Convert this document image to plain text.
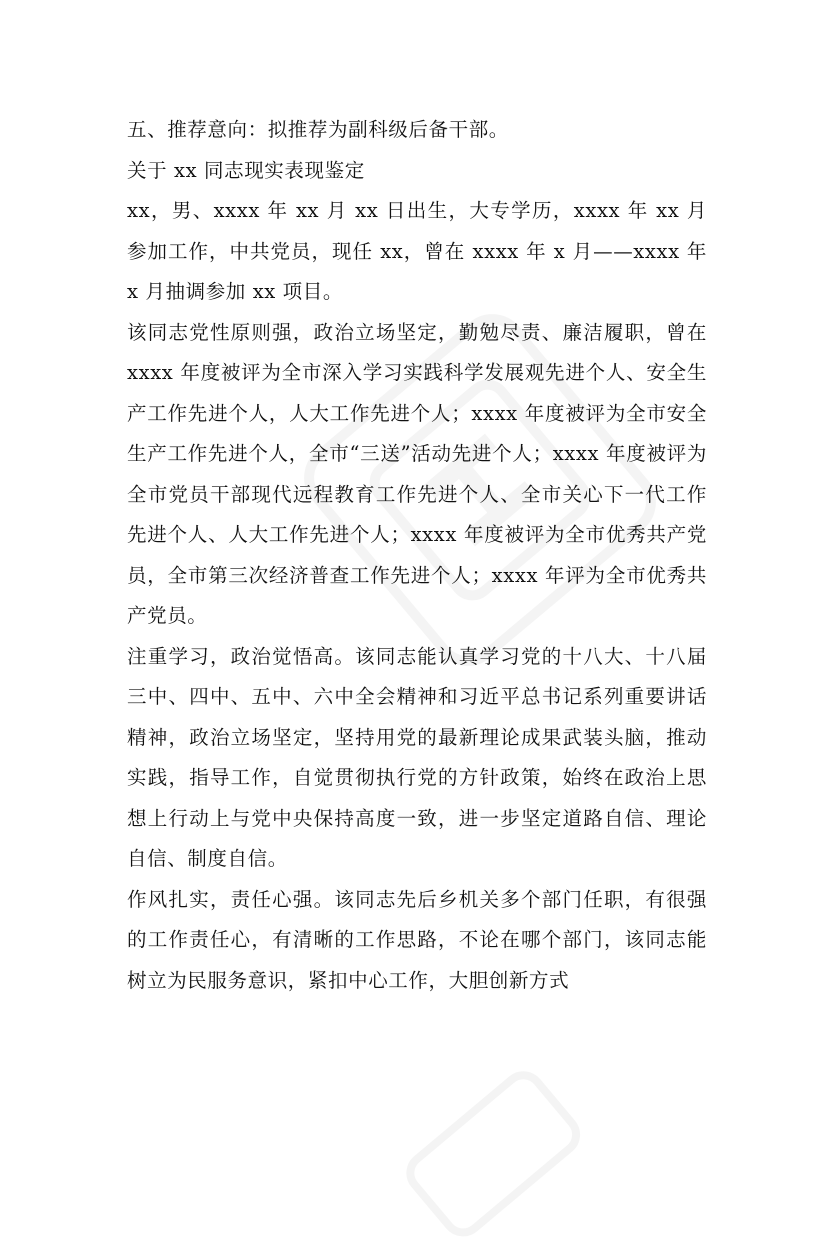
五、推荐意向：拟推荐为副科级后备干部。

关于 xx 同志现实表现鉴定

xx，男、xxxx 年 xx 月 xx 日出生，大专学历，xxxx 年 xx 月参加工作，中共党员，现任 xx，曾在 xxxx 年 x 月——xxxx 年 x 月抽调参加 xx 项目。

该同志党性原则强，政治立场坚定，勤勉尽责、廉洁履职，曾在 xxxx 年度被评为全市深入学习实践科学发展观先进个人、安全生产工作先进个人，人大工作先进个人；xxxx 年度被评为全市安全生产工作先进个人，全市“三送”活动先进个人；xxxx 年度被评为全市党员干部现代远程教育工作先进个人、全市关心下一代工作先进个人、人大工作先进个人；xxxx 年度被评为全市优秀共产党员，全市第三次经济普查工作先进个人；xxxx 年评为全市优秀共产党员。

注重学习，政治觉悟高。该同志能认真学习党的十八大、十八届三中、四中、五中、六中全会精神和习近平总书记系列重要讲话精神，政治立场坚定，坚持用党的最新理论成果武装头脑，推动实践，指导工作，自觉贯彻执行党的方针政策，始终在政治上思想上行动上与党中央保持高度一致，进一步坚定道路自信、理论自信、制度自信。

作风扎实，责任心强。该同志先后乡机关多个部门任职，有很强的工作责任心，有清晰的工作思路，不论在哪个部门，该同志能树立为民服务意识，紧扣中心工作，大胆创新方式
